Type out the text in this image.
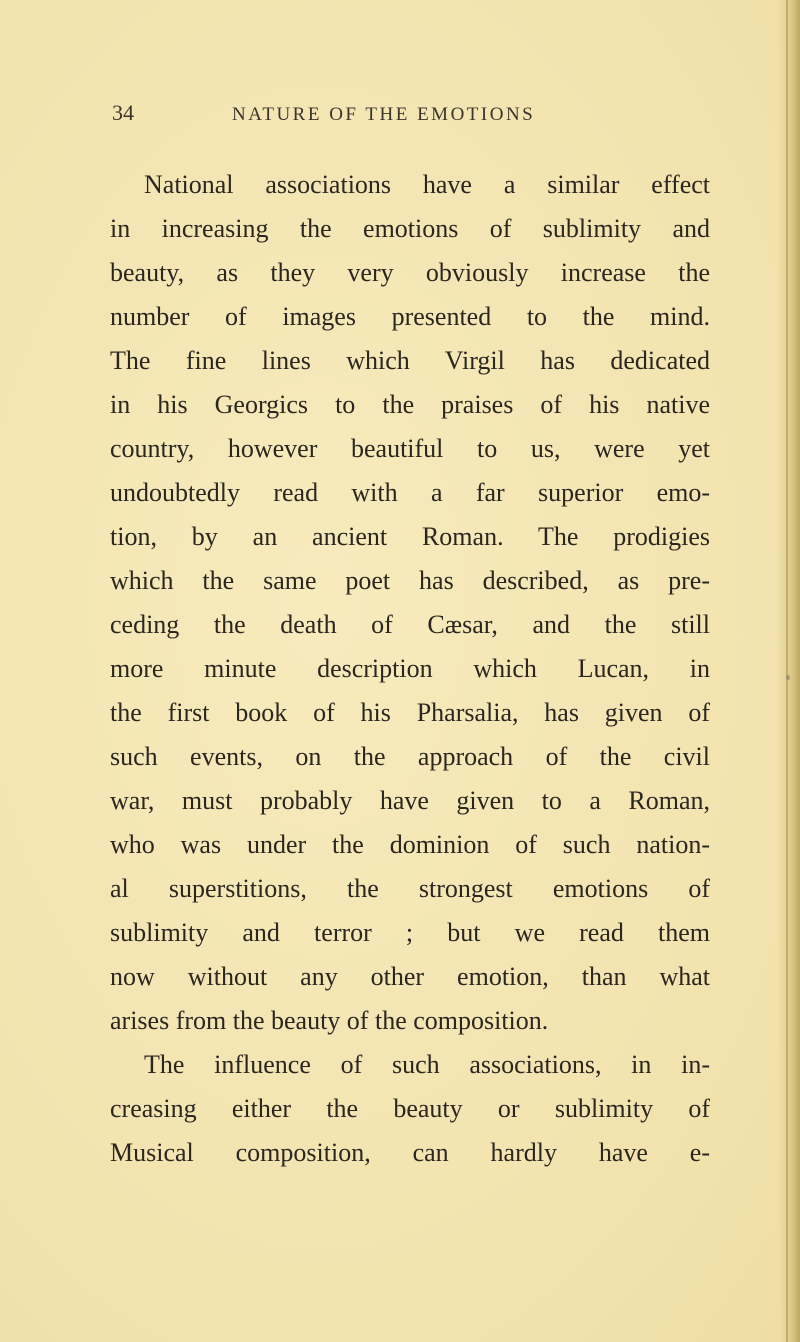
34	NATURE OF THE EMOTIONS
National associations have a similar effect
in increasing the emotions of sublimity and
beauty, as they very obviously increase the
number of images presented to the mind.
The fine lines which Virgil has dedicated
in his Georgics to the praises of his native
country, however beautiful to us, were yet
undoubtedly read with a far superior emo-
tion, by an ancient Roman. The prodigies
which the same poet has described, as pre-
ceding the death of Cæsar, and the still
more minute description which Lucan, in
the first book of his Pharsalia, has given of
such events, on the approach of the civil
war, must probably have given to a Roman,
who was under the dominion of such nation-
al superstitions, the strongest emotions of
sublimity and terror ; but we read them
now without any other emotion, than what
arises from the beauty of the composition.
The influence of such associations, in in-
creasing either the beauty or sublimity of
Musical composition, can hardly have e-
